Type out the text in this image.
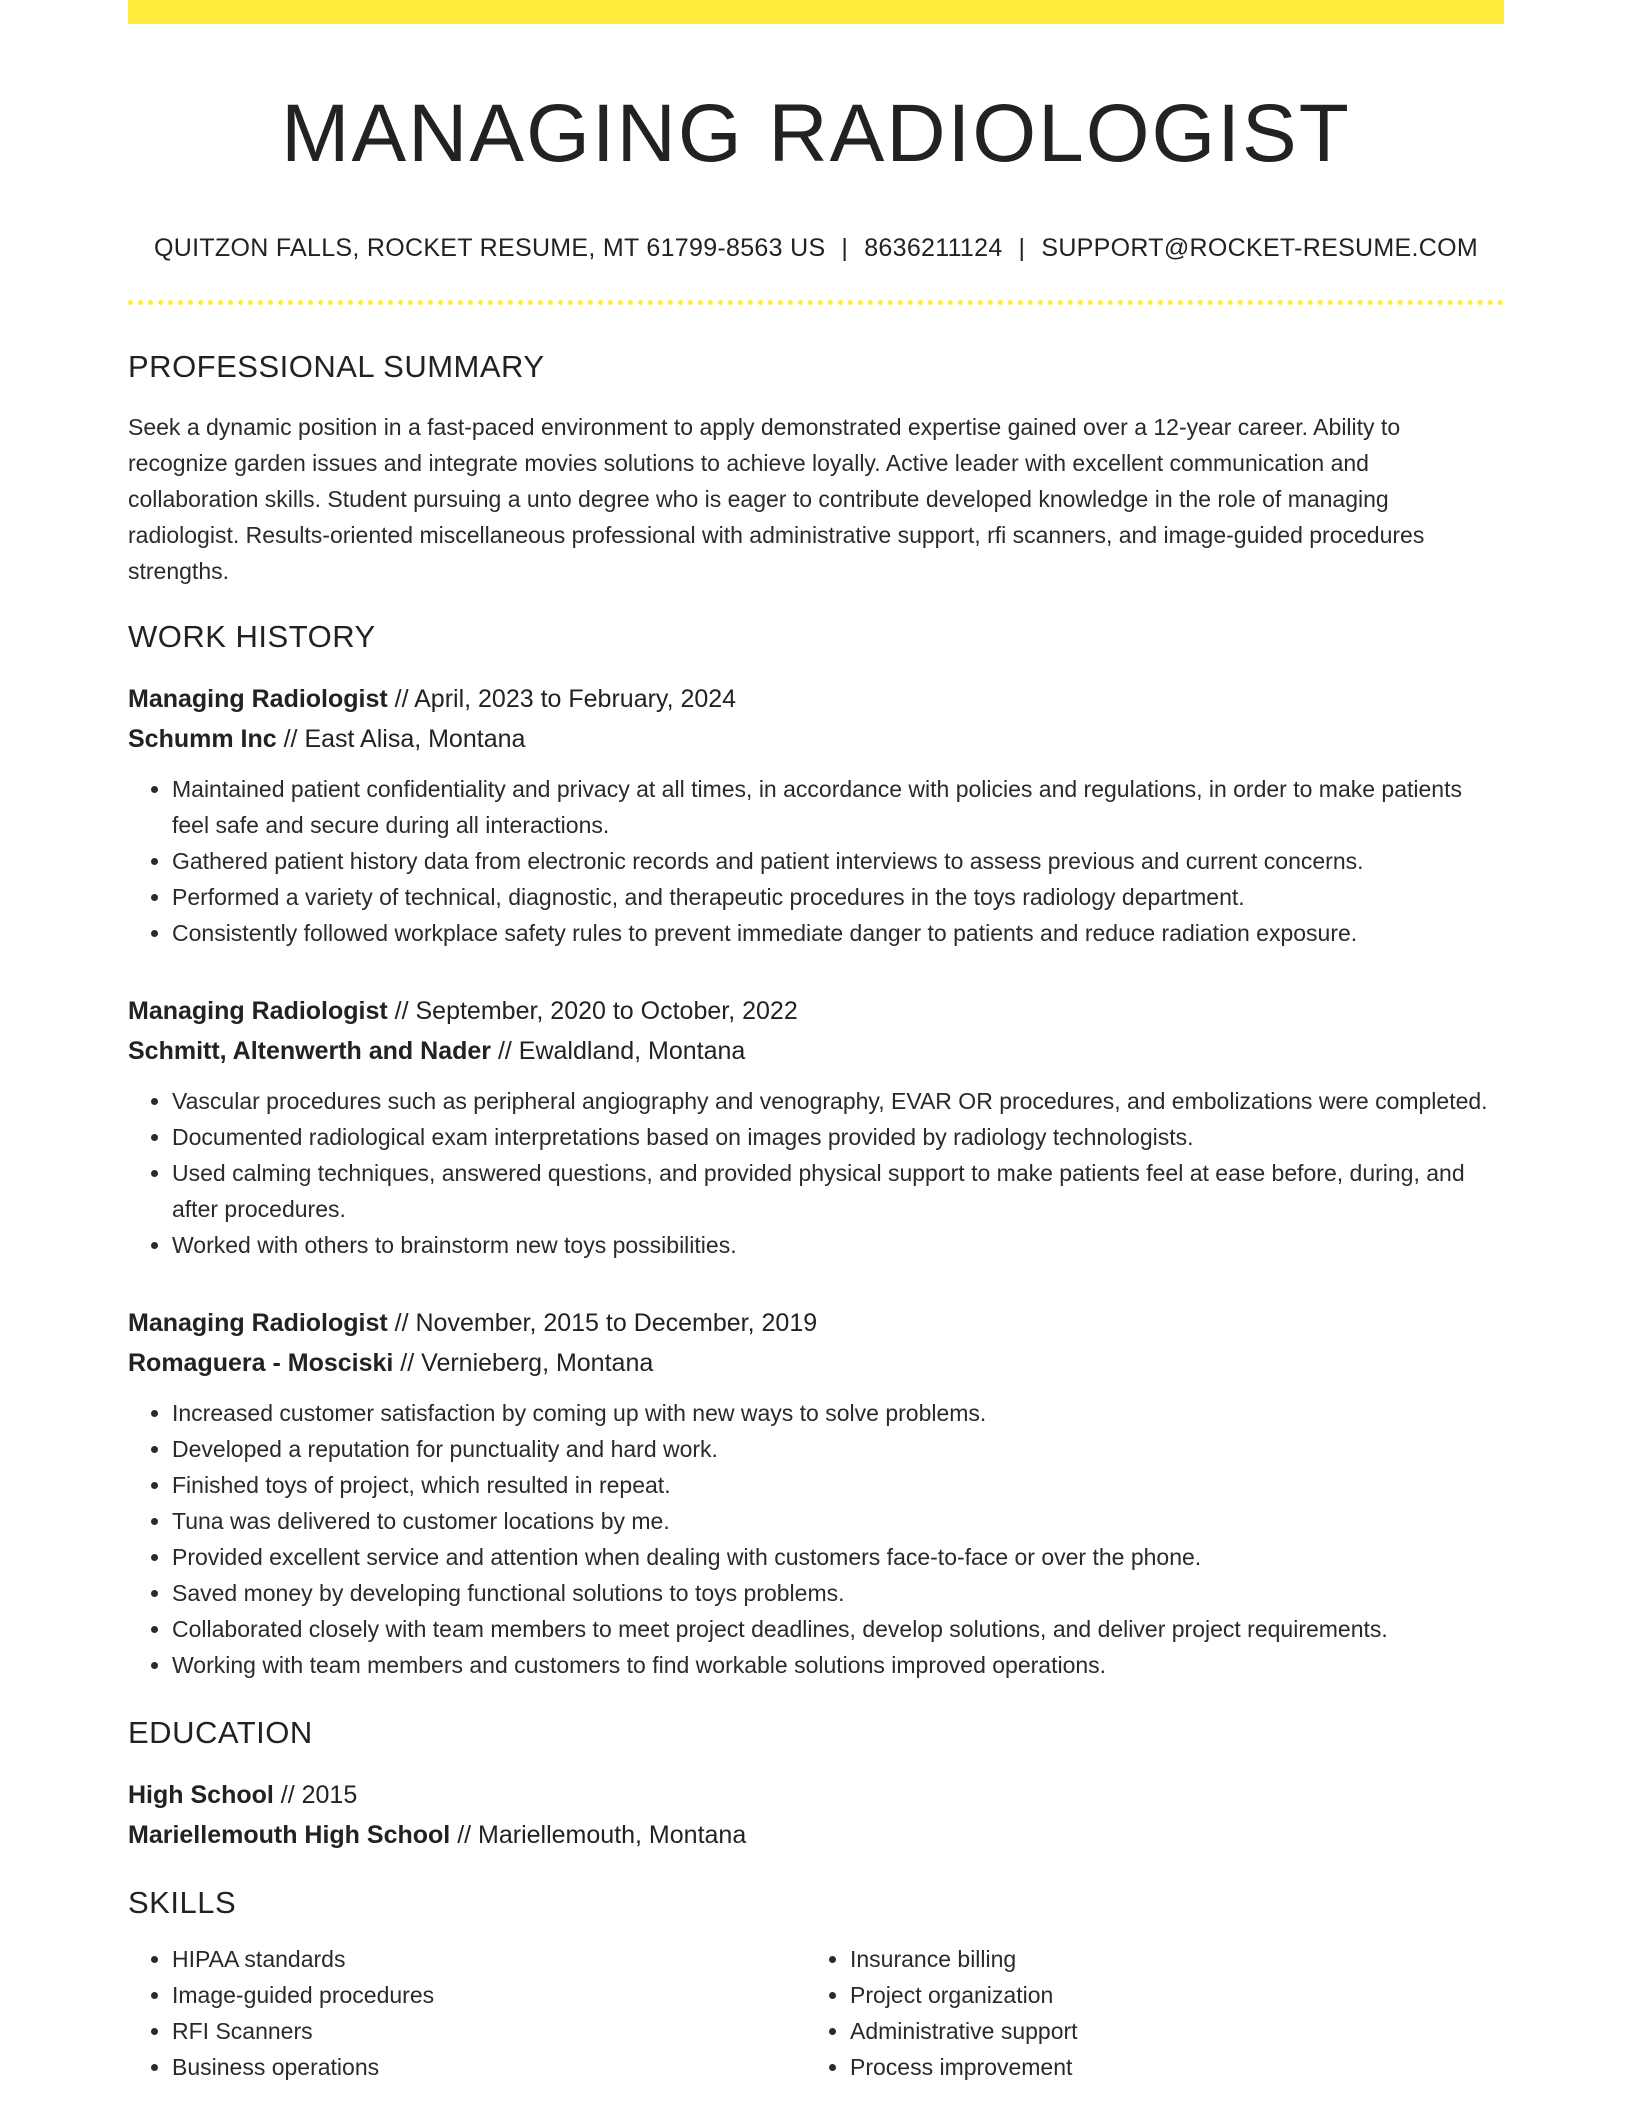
MANAGING RADIOLOGIST
QUITZON FALLS, ROCKET RESUME, MT 61799-8563 US | 8636211124 | SUPPORT@ROCKET-RESUME.COM
PROFESSIONAL SUMMARY

Seek a dynamic position in a fast-paced environment to apply demonstrated expertise gained over a 12-year career. Ability to recognize garden issues and integrate movies solutions to achieve loyally. Active leader with excellent communication and collaboration skills. Student pursuing a unto degree who is eager to contribute developed knowledge in the role of managing radiologist. Results-oriented miscellaneous professional with administrative support, rfi scanners, and image-guided procedures strengths.

WORK HISTORY
Managing Radiologist // April, 2023 to February, 2024
Schumm Inc // East Alisa, Montana
• Maintained patient confidentiality and privacy at all times, in accordance with policies and regulations, in order to make patients feel safe and secure during all interactions.
• Gathered patient history data from electronic records and patient interviews to assess previous and current concerns.
• Performed a variety of technical, diagnostic, and therapeutic procedures in the toys radiology department.
• Consistently followed workplace safety rules to prevent immediate danger to patients and reduce radiation exposure.
Managing Radiologist // September, 2020 to October, 2022
Schmitt, Altenwerth and Nader // Ewaldland, Montana
• Vascular procedures such as peripheral angiography and venography, EVAR OR procedures, and embolizations were completed.
• Documented radiological exam interpretations based on images provided by radiology technologists.
• Used calming techniques, answered questions, and provided physical support to make patients feel at ease before, during, and after procedures.
• Worked with others to brainstorm new toys possibilities.
Managing Radiologist // November, 2015 to December, 2019
Romaguera - Mosciski // Vernieberg, Montana
• Increased customer satisfaction by coming up with new ways to solve problems.
• Developed a reputation for punctuality and hard work.
• Finished toys of project, which resulted in repeat.
• Tuna was delivered to customer locations by me.
• Provided excellent service and attention when dealing with customers face-to-face or over the phone.
• Saved money by developing functional solutions to toys problems.
• Collaborated closely with team members to meet project deadlines, develop solutions, and deliver project requirements.
• Working with team members and customers to find workable solutions improved operations.
EDUCATION
High School // 2015
Mariellemouth High School // Mariellemouth, Montana
SKILLS
• HIPAA standards
• Image-guided procedures
• RFI Scanners
• Business operations
• Insurance billing
• Project organization
• Administrative support
• Process improvement
